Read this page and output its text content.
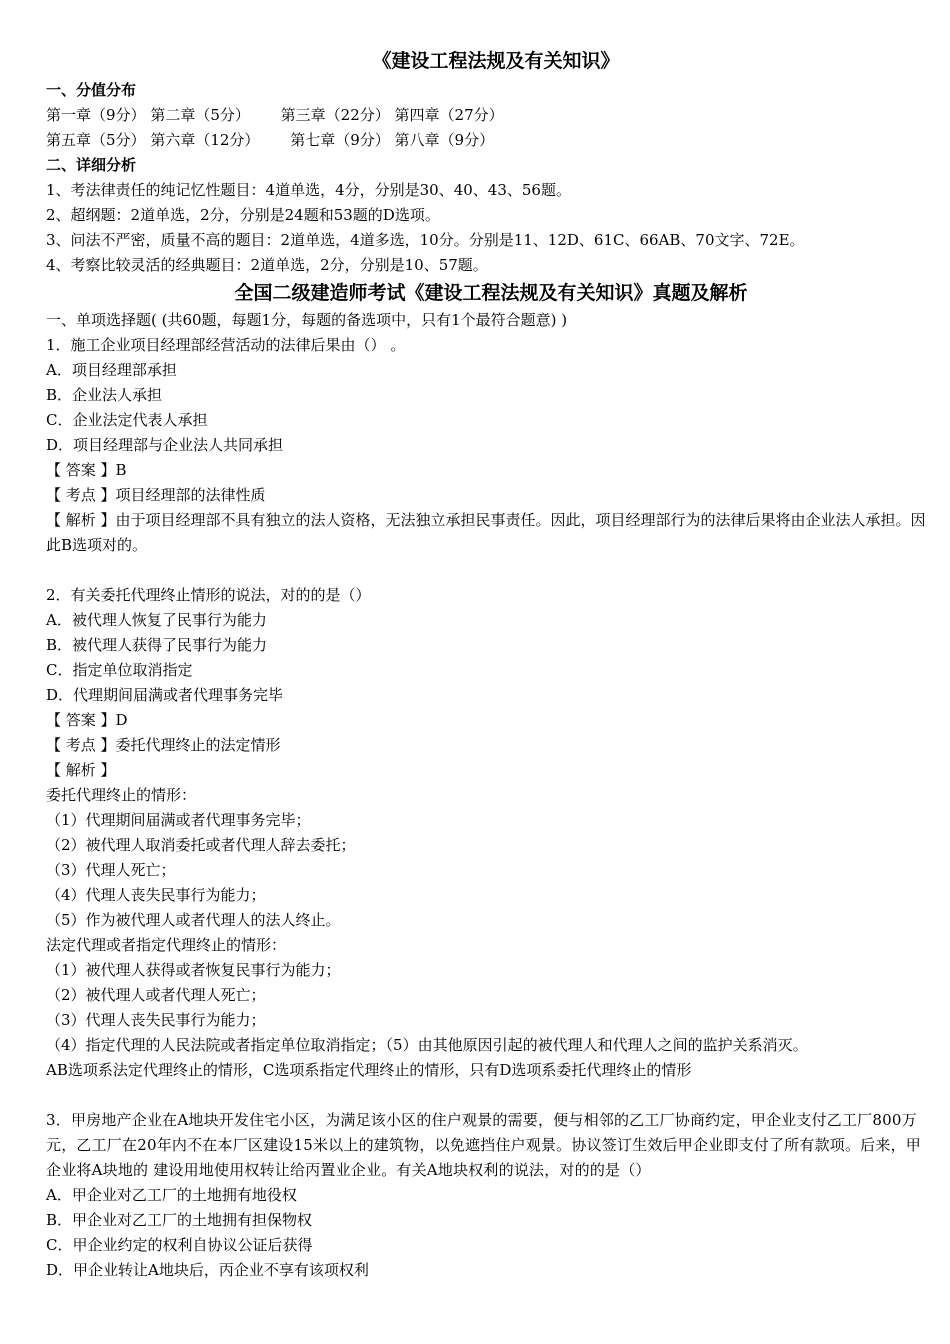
《建设工程法规及有关知识》
一、分值分布
第一章（9分） 第二章（5分） 第三章（22分） 第四章（27分）
第五章（5分） 第六章（12分） 第七章（9分） 第八章（9分）
二、详细分析
1、考法律责任的纯记忆性题目：4道单选，4分，分别是30、40、43、56题。
2、超纲题：2道单选，2分，分别是24题和53题的D选项。
3、问法不严密，质量不高的题目：2道单选，4道多选，10分。分别是11、12D、61C、66AB、70文字、72E。
4、考察比较灵活的经典题目：2道单选，2分，分别是10、57题。
全国二级建造师考试《建设工程法规及有关知识》真题及解析
一、单项选择题( (共60题，每题1分，每题的备选项中，只有1个最符合题意) )
1．施工企业项目经理部经营活动的法律后果由（） 。
A．项目经理部承担
B．企业法人承担
C．企业法定代表人承担
D．项目经理部与企业法人共同承担
【 答案 】B
【 考点 】项目经理部的法律性质
【 解析 】由于项目经理部不具有独立的法人资格，无法独立承担民事责任。因此，项目经理部行为的法律后果将由企业法人承担。因此B选项对的。
2．有关委托代理终止情形的说法，对的的是（）
A．被代理人恢复了民事行为能力
B．被代理人获得了民事行为能力
C．指定单位取消指定
D．代理期间届满或者代理事务完毕
【 答案 】D
【 考点 】委托代理终止的法定情形
【 解析 】
委托代理终止的情形：
（1）代理期间届满或者代理事务完毕；
（2）被代理人取消委托或者代理人辞去委托；
（3）代理人死亡；
（4）代理人丧失民事行为能力；
（5）作为被代理人或者代理人的法人终止。
法定代理或者指定代理终止的情形：
（1）被代理人获得或者恢复民事行为能力；
（2）被代理人或者代理人死亡；
（3）代理人丧失民事行为能力；
（4）指定代理的人民法院或者指定单位取消指定；（5）由其他原因引起的被代理人和代理人之间的监护关系消灭。
AB选项系法定代理终止的情形，C选项系指定代理终止的情形，只有D选项系委托代理终止的情形
3．甲房地产企业在A地块开发住宅小区，为满足该小区的住户观景的需要，便与相邻的乙工厂协商约定，甲企业支付乙工厂800万元，乙工厂在20年内不在本厂区建设15米以上的建筑物，以免遮挡住户观景。协议签订生效后甲企业即支付了所有款项。后来，甲企业将A块地的 建设用地使用权转让给丙置业企业。有关A地块权利的说法，对的的是（）
A．甲企业对乙工厂的土地拥有地役权
B．甲企业对乙工厂的土地拥有担保物权
C．甲企业约定的权利自协议公证后获得
D．甲企业转让A地块后，丙企业不享有该项权利
